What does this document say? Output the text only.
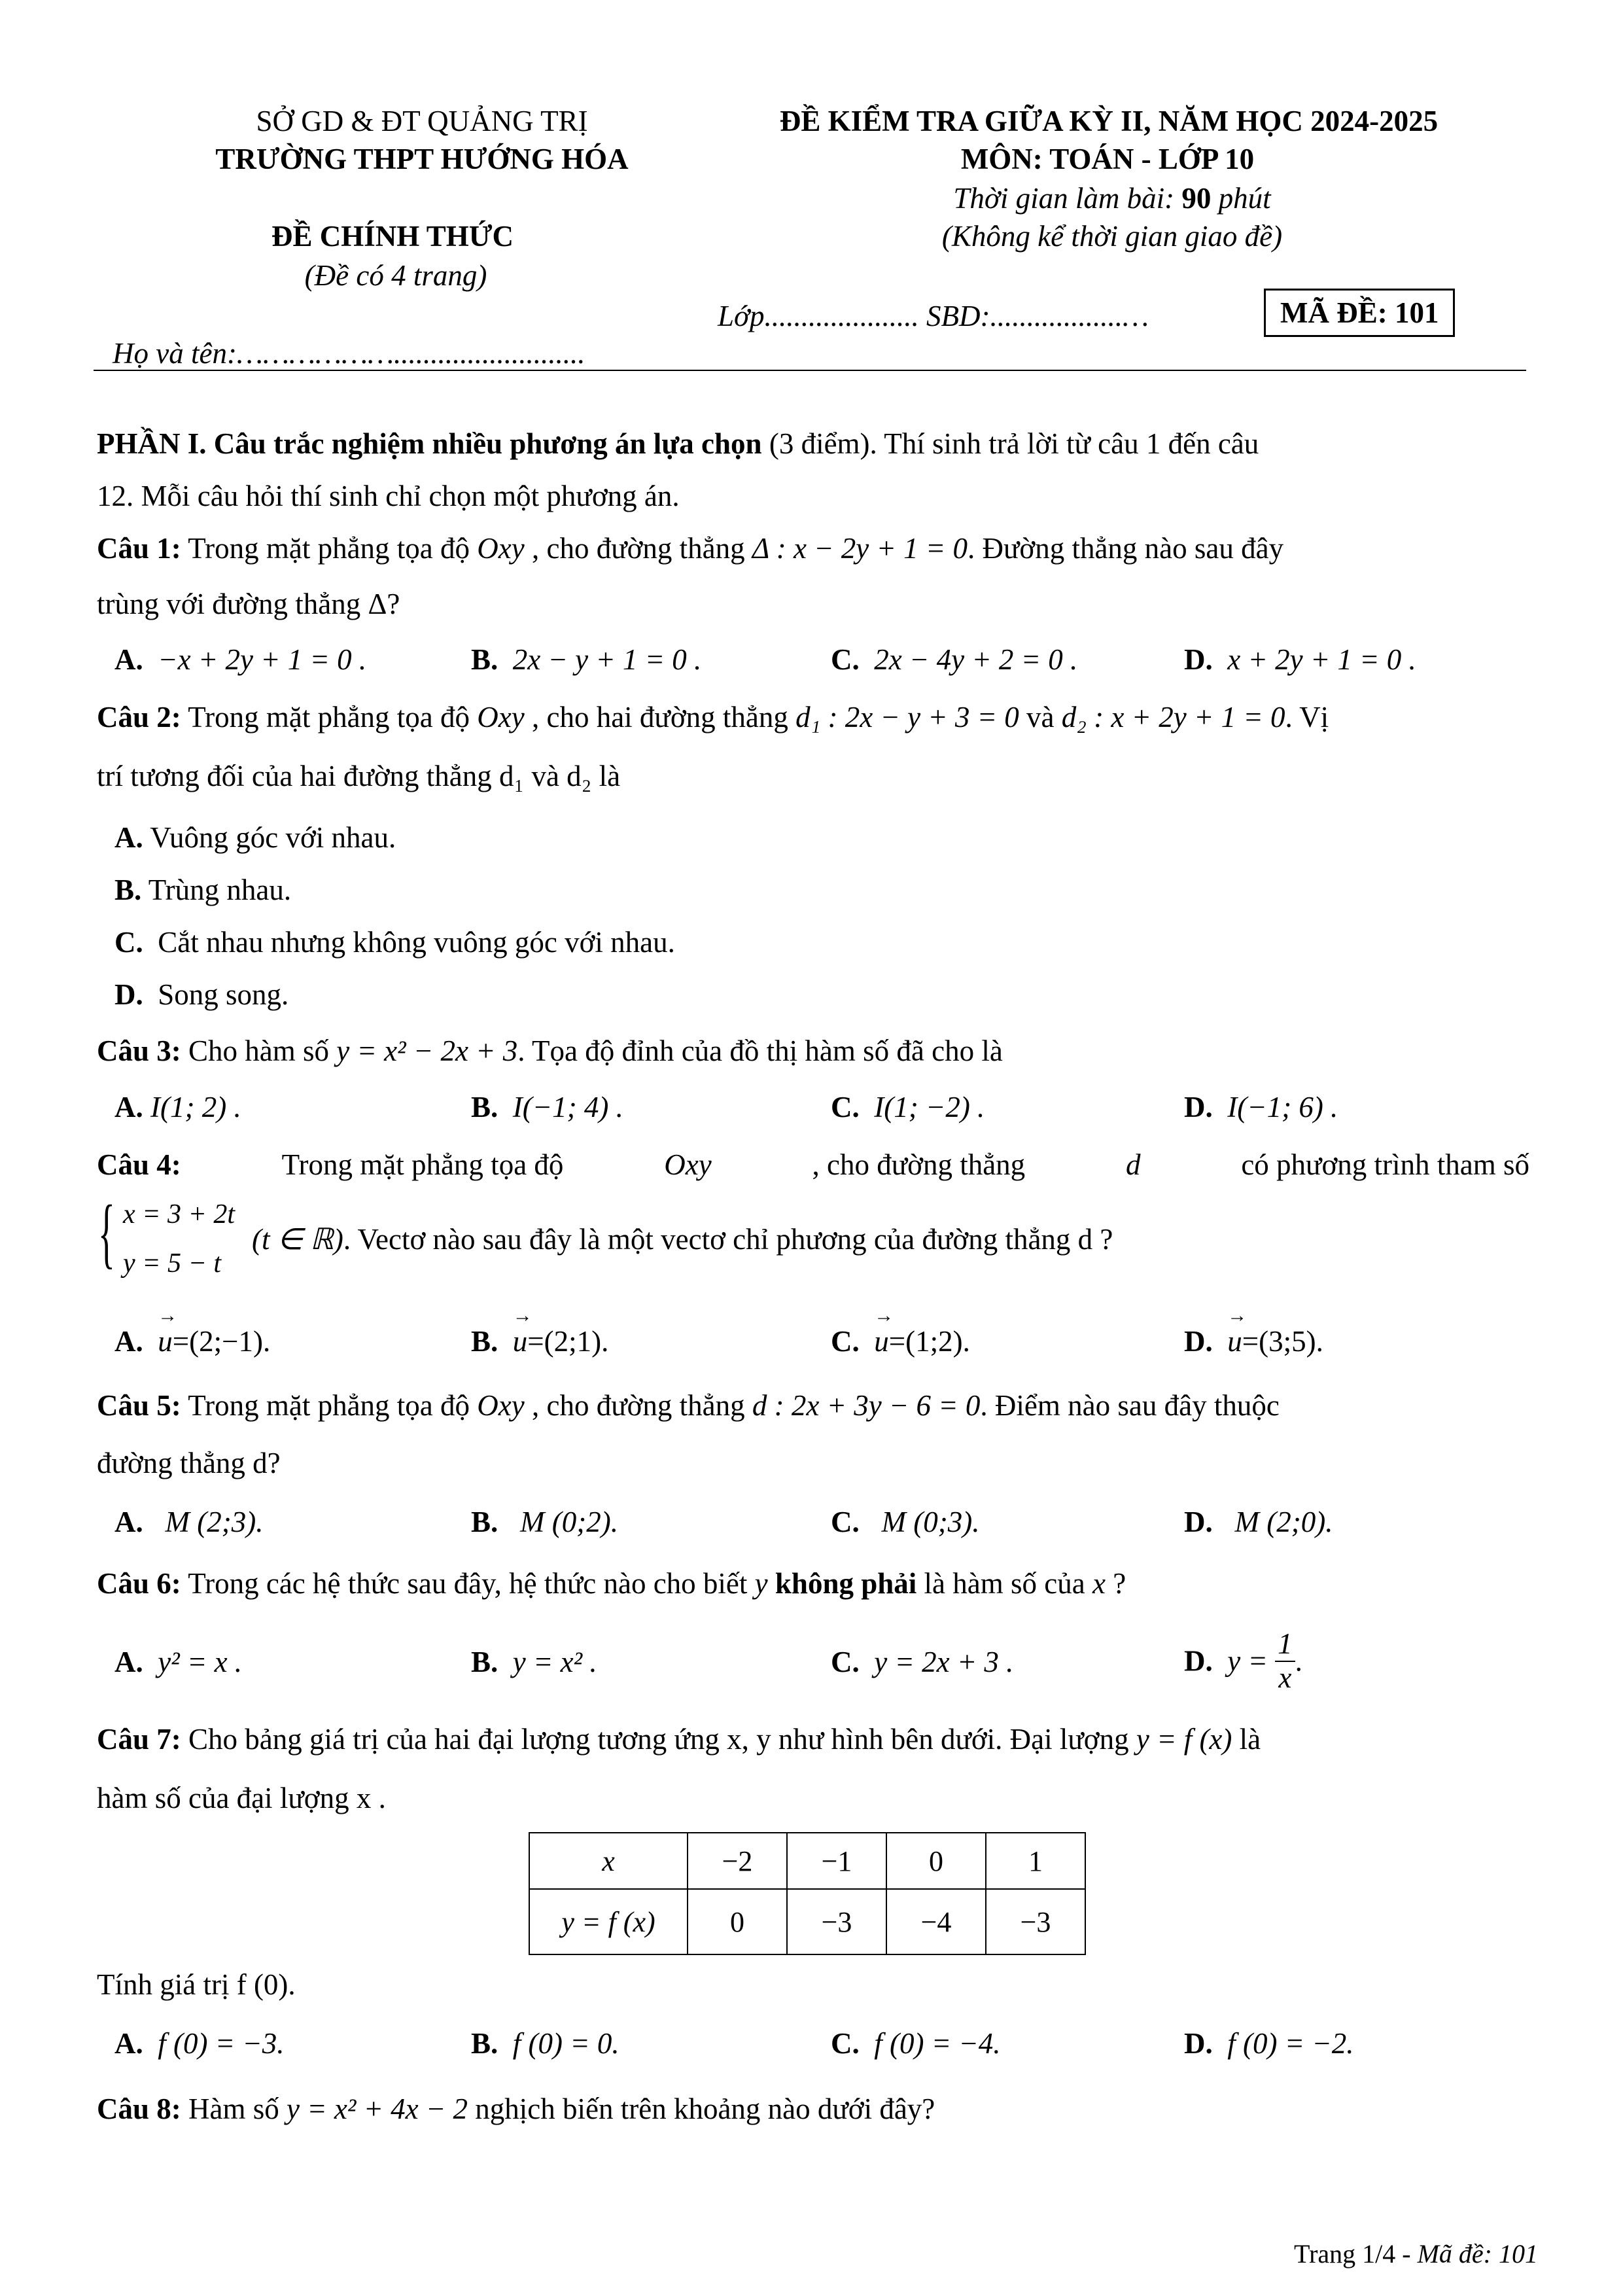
SỞ GD & ĐT QUẢNG TRỊ
TRƯỜNG THPT HƯỚNG HÓA
ĐỀ CHÍNH THỨC
(Đề có 4 trang)
Họ và tên:………………..........................
ĐỀ KIỂM TRA GIỮA KỲ II, NĂM HỌC 2024-2025
MÔN: TOÁN - LỚP 10
Thời gian làm bài: 90 phút
(Không kể thời gian giao đề)
Lớp..................... SBD:..................…	MÃ ĐỀ: 101
PHẦN I. Câu trắc nghiệm nhiều phương án lựa chọn (3 điểm). Thí sinh trả lời từ câu 1 đến câu
12. Mỗi câu hỏi thí sinh chỉ chọn một phương án.
Câu 1: Trong mặt phẳng tọa độ Oxy , cho đường thẳng Δ : x − 2y + 1 = 0. Đường thẳng nào sau đây
trùng với đường thẳng Δ?
A. −x + 2y + 1 = 0 .	B. 2x − y + 1 = 0 .	C. 2x − 4y + 2 = 0 .	D. x + 2y + 1 = 0 .
Câu 2: Trong mặt phẳng tọa độ Oxy , cho hai đường thẳng d₁ : 2x − y + 3 = 0 và d₂ : x + 2y + 1 = 0. Vị
trí tương đối của hai đường thẳng d₁ và d₂ là
A. Vuông góc với nhau.
B. Trùng nhau.
C. Cắt nhau nhưng không vuông góc với nhau.
D. Song song.
Câu 3: Cho hàm số y = x² − 2x + 3. Tọa độ đỉnh của đồ thị hàm số đã cho là
A. I(1; 2) .	B. I(−1; 4) .	C. I(1; −2) .	D. I(−1; 6) .
Câu 4:	Trong mặt phẳng tọa độ	Oxy	, cho đường thẳng	d	có phương trình tham số
{ x = 3 + 2t
y = 5 − t
(t ∈ ℝ). Vectơ nào sau đây là một vectơ chỉ phương của đường thẳng d ?
A. → u=(2;−1).	B. → u=(2;1).	C. → u=(1;2).	D. → u=(3;5).
Câu 5: Trong mặt phẳng tọa độ Oxy , cho đường thẳng d : 2x + 3y − 6 = 0. Điểm nào sau đây thuộc
đường thẳng d?
A. M (2;3).	B. M (0;2).	C. M (0;3).	D. M (2;0).
Câu 6: Trong các hệ thức sau đây, hệ thức nào cho biết y không phải là hàm số của x ?
A. y² = x .	B. y = x² .	C. y = 2x + 3 .	D. $y = \frac{1}{x}$ .
Câu 7: Cho bảng giá trị của hai đại lượng tương ứng x, y như hình bên dưới. Đại lượng y = f (x) là
hàm số của đại lượng x .
x	−2	−1	0	1
y = f (x)	0	−3	−4	−3
Tính giá trị f (0).
A. f (0) = −3.	B. f (0) = 0.	C. f (0) = −4.	D. f (0) = −2.
Câu 8: Hàm số y = x² + 4x − 2 nghịch biến trên khoảng nào dưới đây?
Trang 1/4 - Mã đề: 101
